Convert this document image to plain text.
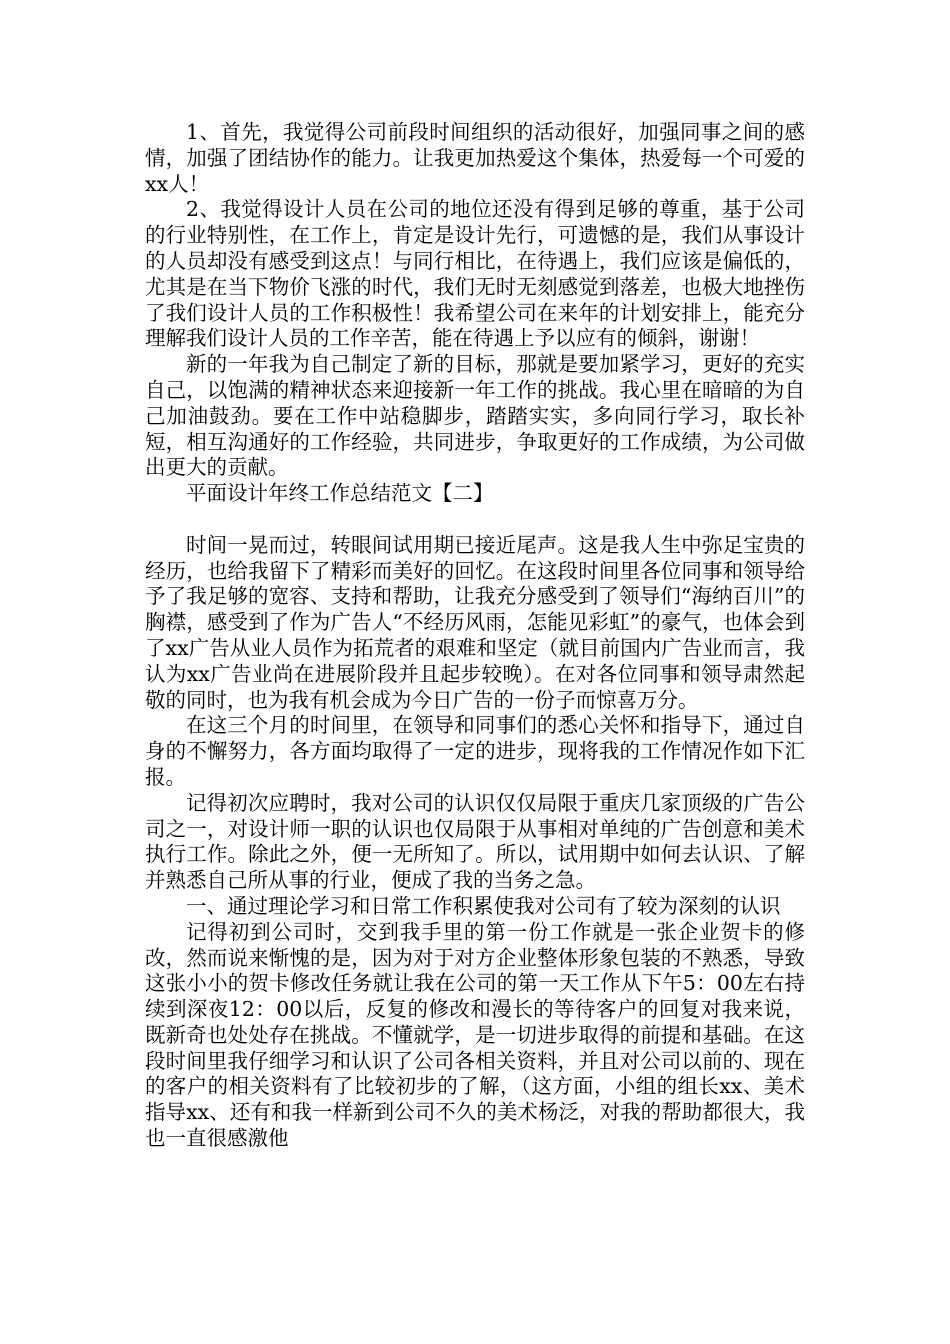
1、首先，我觉得公司前段时间组织的活动很好，加强同事之间的感情，加强了团结协作的能力。让我更加热爱这个集体，热爱每一个可爱的xx人！

2、我觉得设计人员在公司的地位还没有得到足够的尊重，基于公司的行业特别性，在工作上，肯定是设计先行，可遗憾的是，我们从事设计的人员却没有感受到这点！与同行相比，在待遇上，我们应该是偏低的，尤其是在当下物价飞涨的时代，我们无时无刻感觉到落差，也极大地挫伤了我们设计人员的工作积极性！我希望公司在来年的计划安排上，能充分理解我们设计人员的工作辛苦，能在待遇上予以应有的倾斜，谢谢！

新的一年我为自己制定了新的目标，那就是要加紧学习，更好的充实自己，以饱满的精神状态来迎接新一年工作的挑战。我心里在暗暗的为自己加油鼓劲。要在工作中站稳脚步，踏踏实实，多向同行学习，取长补短，相互沟通好的工作经验，共同进步，争取更好的工作成绩，为公司做出更大的贡献。

平面设计年终工作总结范文【二】

时间一晃而过，转眼间试用期已接近尾声。这是我人生中弥足宝贵的经历，也给我留下了精彩而美好的回忆。在这段时间里各位同事和领导给予了我足够的宽容、支持和帮助，让我充分感受到了领导们“海纳百川”的胸襟，感受到了作为广告人“不经历风雨，怎能见彩虹”的豪气，也体会到了xx广告从业人员作为拓荒者的艰难和坚定（就目前国内广告业而言，我认为xx广告业尚在进展阶段并且起步较晚）。在对各位同事和领导肃然起敬的同时，也为我有机会成为今日广告的一份子而惊喜万分。

在这三个月的时间里，在领导和同事们的悉心关怀和指导下，通过自身的不懈努力，各方面均取得了一定的进步，现将我的工作情况作如下汇报。

记得初次应聘时，我对公司的认识仅仅局限于重庆几家顶级的广告公司之一，对设计师一职的认识也仅局限于从事相对单纯的广告创意和美术执行工作。除此之外，便一无所知了。所以，试用期中如何去认识、了解并熟悉自己所从事的行业，便成了我的当务之急。

一、通过理论学习和日常工作积累使我对公司有了较为深刻的认识

记得初到公司时，交到我手里的第一份工作就是一张企业贺卡的修改，然而说来惭愧的是，因为对于对方企业整体形象包装的不熟悉，导致这张小小的贺卡修改任务就让我在公司的第一天工作从下午5：00左右持续到深夜12：00以后，反复的修改和漫长的等待客户的回复对我来说，既新奇也处处存在挑战。不懂就学，是一切进步取得的前提和基础。在这段时间里我仔细学习和认识了公司各相关资料，并且对公司以前的、现在的客户的相关资料有了比较初步的了解，（这方面，小组的组长xx、美术指导xx、还有和我一样新到公司不久的美术杨泛，对我的帮助都很大，我也一直很感激他
